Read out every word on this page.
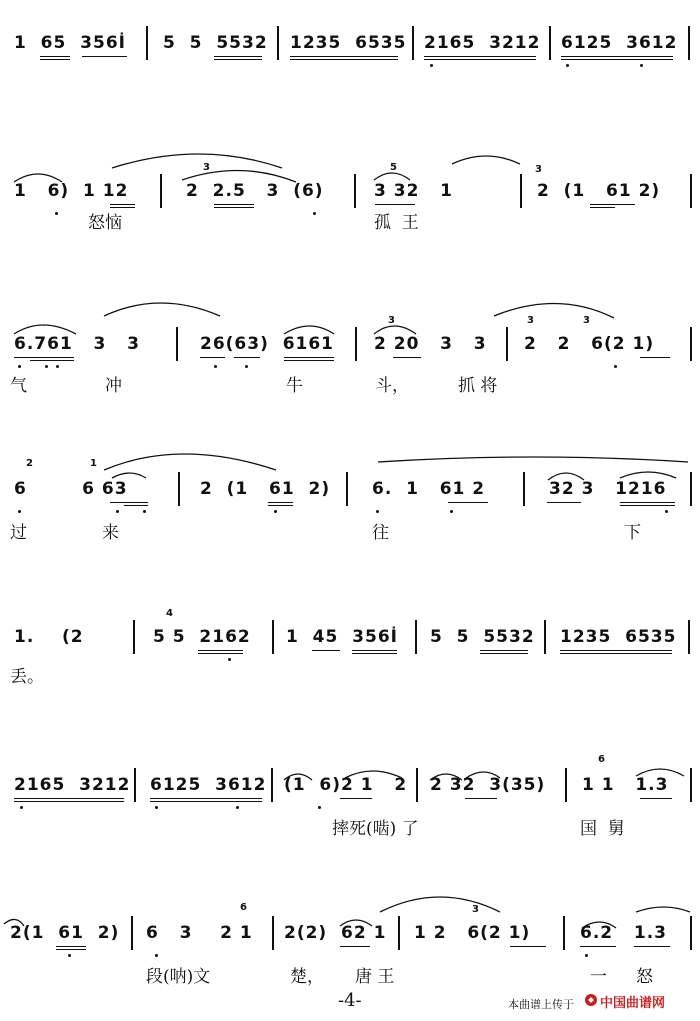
1  65  356İ 5  5  5532 1235  6535 2165  3212 6125  3612
1   6)  1 12	2  2.5   3  (6)	3 32   1	2  (1   61 2)
3	5	3
怒恼	孤  王
6.761   3   3	26(63)  6161 2 20   3   3 2   2   6(2 1)
3	3	3
气	冲	牛	斗，	抓 将
6        6 63	2  (1   61  2) 6.  1   61 2	32 3   1216
2	1
过	来	往	下
1.    (2	5 5  2162 1  45  356İ 5  5  5532 1235  6535
4
丢。
2165  3212 6125  3612 (1  6)2 1   2 2 32  3(35) 1 1   1.3
6
摔死(啮) 了	国  舅
2(1  61  2) 6   3    2 1 2(2)  62 1 1 2   6(2 1)	6.2   1.3
6	3
段(呐)文	楚， 唐 王	一 怒
-4-	本曲谱上传于 中国曲谱网
